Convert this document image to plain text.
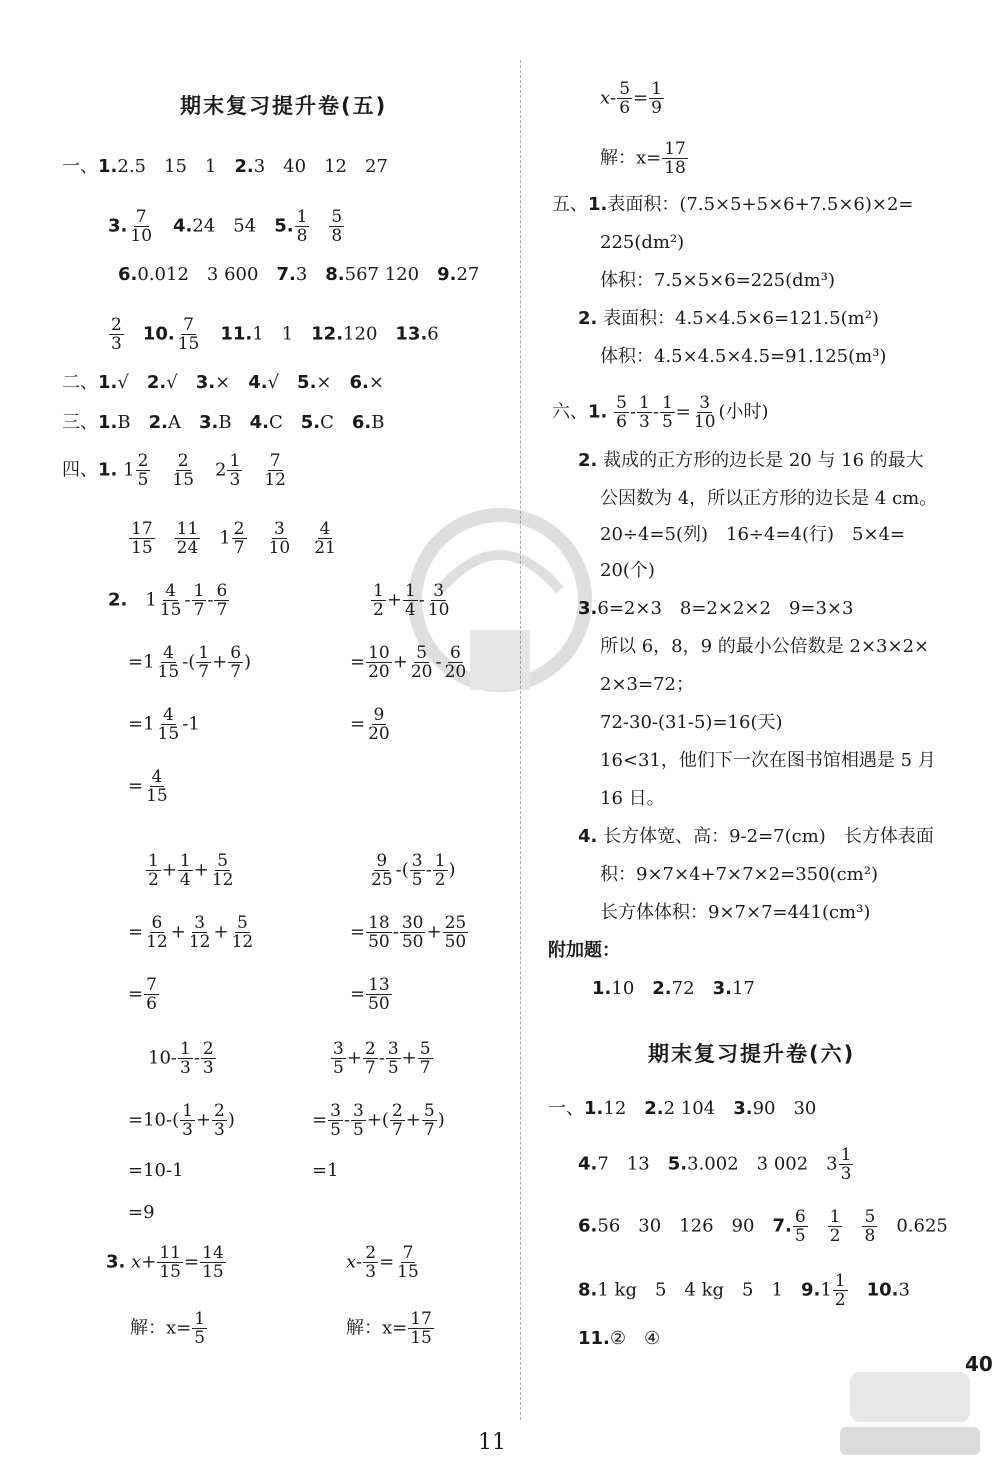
期末复习提升卷(五)
一、1.2.5　15　1　 2.3　40　12　27
3. $\frac{7}{10}$
　 4.24　54　 5. $\frac{1}{8}$
　 $\frac{5}{8}$
6.0.012　3 600　 7.3　 8.567 120　 9.27
$\frac{2}{3}$
　 10. $\frac{7}{15}$
　 11.1　1　 12.120　 13.6
二、1.√　 2.√　 3.×　 4.√　 5.×　 6.×
三、1.B　 2.A　 3.B　 4.C　 5.C　 6.B
四、1. $1 \frac{2}{5}$
　 $\frac{2}{15}$
　 $2 \frac{1}{3}$
　 $\frac{7}{12}$
$\frac{17}{15}$
　 $\frac{11}{24}$
　 $1 \frac{2}{7}$
　 $\frac{3}{10}$
　 $\frac{4}{21}$
2.　 $1 \frac{4}{15} - \frac{1}{7} - \frac{6}{7}$
$=1 \frac{4}{15}$ -( $\frac{1}{7} + \frac{6}{7}$ )
$=1 \frac{4}{15} -1$
= $\frac{4}{15}$
$\frac{1}{2} + \frac{1}{4} - \frac{3}{10}$
= $\frac{10}{20} + \frac{5}{20} - \frac{6}{20}$
= $\frac{9}{20}$
$\frac{1}{2} + \frac{1}{4} + \frac{5}{12}$
= $\frac{6}{12} + \frac{3}{12} + \frac{5}{12}$
= $\frac{7}{6}$
$\frac{9}{25}$ -( $\frac{3}{5} - \frac{1}{2}$ )
= $\frac{18}{50} - \frac{30}{50} + \frac{25}{50}$
= $\frac{13}{50}$
$10- \frac{1}{3} - \frac{2}{3}$
$=10-( \frac{1}{3} + \frac{2}{3}$ )
=10-1
=9
$\frac{3}{5} + \frac{2}{7} - \frac{3}{5} + \frac{5}{7}$
= $\frac{3}{5} - \frac{3}{5}$ +( $\frac{2}{7} + \frac{5}{7}$ )
=1
3. $x+ \frac{11}{15} = \frac{14}{15}$
解：$x= \frac{1}{5}$
$x- \frac{2}{3} = \frac{7}{15}$
解：$x= \frac{17}{15}$
$x- \frac{5}{6} = \frac{1}{9}$
解：$x= \frac{17}{18}$
五、1.表面积：(7.5×5+5×6+7.5×6)×2=
225(dm²)
体积：7.5×5×6=225(dm³)
2. 表面积：4.5×4.5×6=121.5(m²)
体积：4.5×4.5×4.5=91.125(m³)
六、1. $\frac{5}{6} - \frac{1}{3} - \frac{1}{5} = \frac{3}{10}$ (小时)
2. 裁成的正方形的边长是 20 与 16 的最大
公因数为 4，所以正方形的边长是 4 cm。
20÷4=5(列)　16÷4=4(行)　5×4=
20(个)
3.6=2×3　8=2×2×2　9=3×3
所以 6，8，9 的最小公倍数是 2×3×2×
2×3=72；
72-30-(31-5)=16(天)
16<31，他们下一次在图书馆相遇是 5 月
16 日。
4. 长方体宽、高：9-2=7(cm)　长方体表面
积：9×7×4+7×7×2=350(cm²)
长方体体积：9×7×7=441(cm³)
附加题：
1.10　 2.72　 3.17
期末复习提升卷(六)
一、1.12　 2.2 104　 3.90　30
4.7　13　 5.3.002　3 002　$3 \frac{1}{3}$
6.56　30　126　90　 7. $\frac{6}{5}$
　 $\frac{1}{2}$
　 $\frac{5}{8}$
　 0.625
8.1 kg　5　4 kg　5　1　 $9.1 \frac{1}{2}$
　 10.3
11.②　④
40
11
